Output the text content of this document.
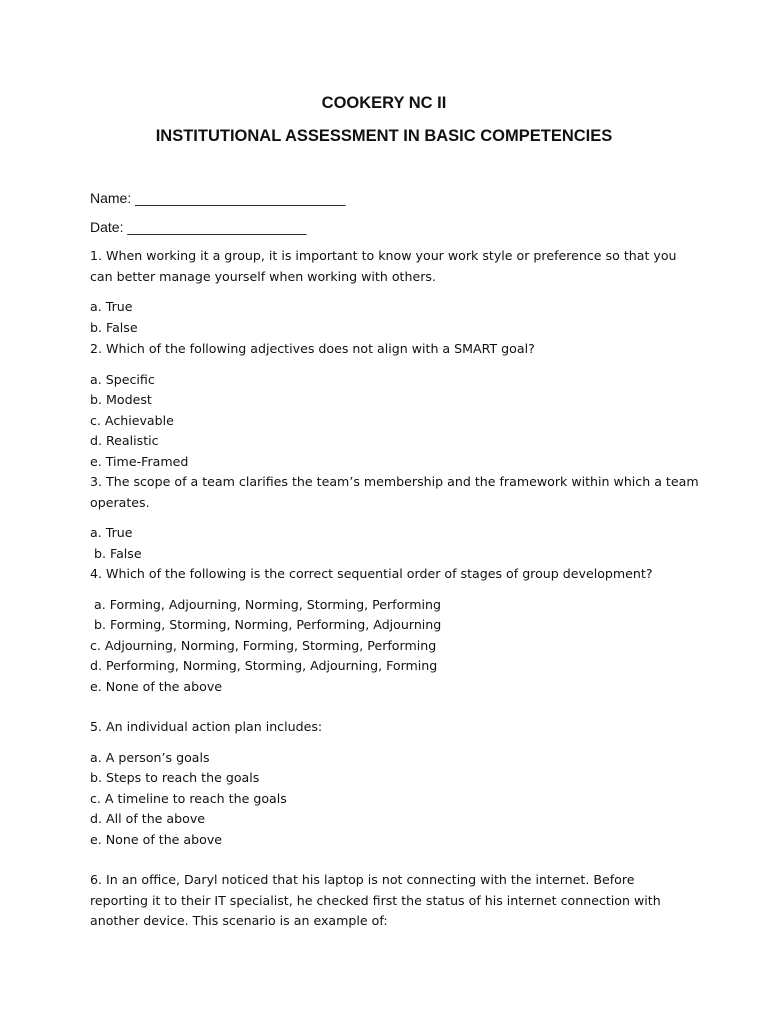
COOKERY NC II
INSTITUTIONAL ASSESSMENT IN BASIC COMPETENCIES
Name: ___________________________
Date: _______________________
1. When working it a group, it is important to know your work style or preference so that you
can better manage yourself when working with others.
a. True
b. False
2. Which of the following adjectives does not align with a SMART goal?
a. Specific
b. Modest
c. Achievable
d. Realistic
e. Time-Framed
3. The scope of a team clarifies the team’s membership and the framework within which a team
operates.
a. True
b. False
4. Which of the following is the correct sequential order of stages of group development?
a. Forming, Adjourning, Norming, Storming, Performing
b. Forming, Storming, Norming, Performing, Adjourning
c. Adjourning, Norming, Forming, Storming, Performing
d. Performing, Norming, Storming, Adjourning, Forming
e. None of the above
5. An individual action plan includes:
a. A person’s goals
b. Steps to reach the goals
c. A timeline to reach the goals
d. All of the above
e. None of the above
6. In an office, Daryl noticed that his laptop is not connecting with the internet. Before
reporting it to their IT specialist, he checked first the status of his internet connection with
another device. This scenario is an example of:
